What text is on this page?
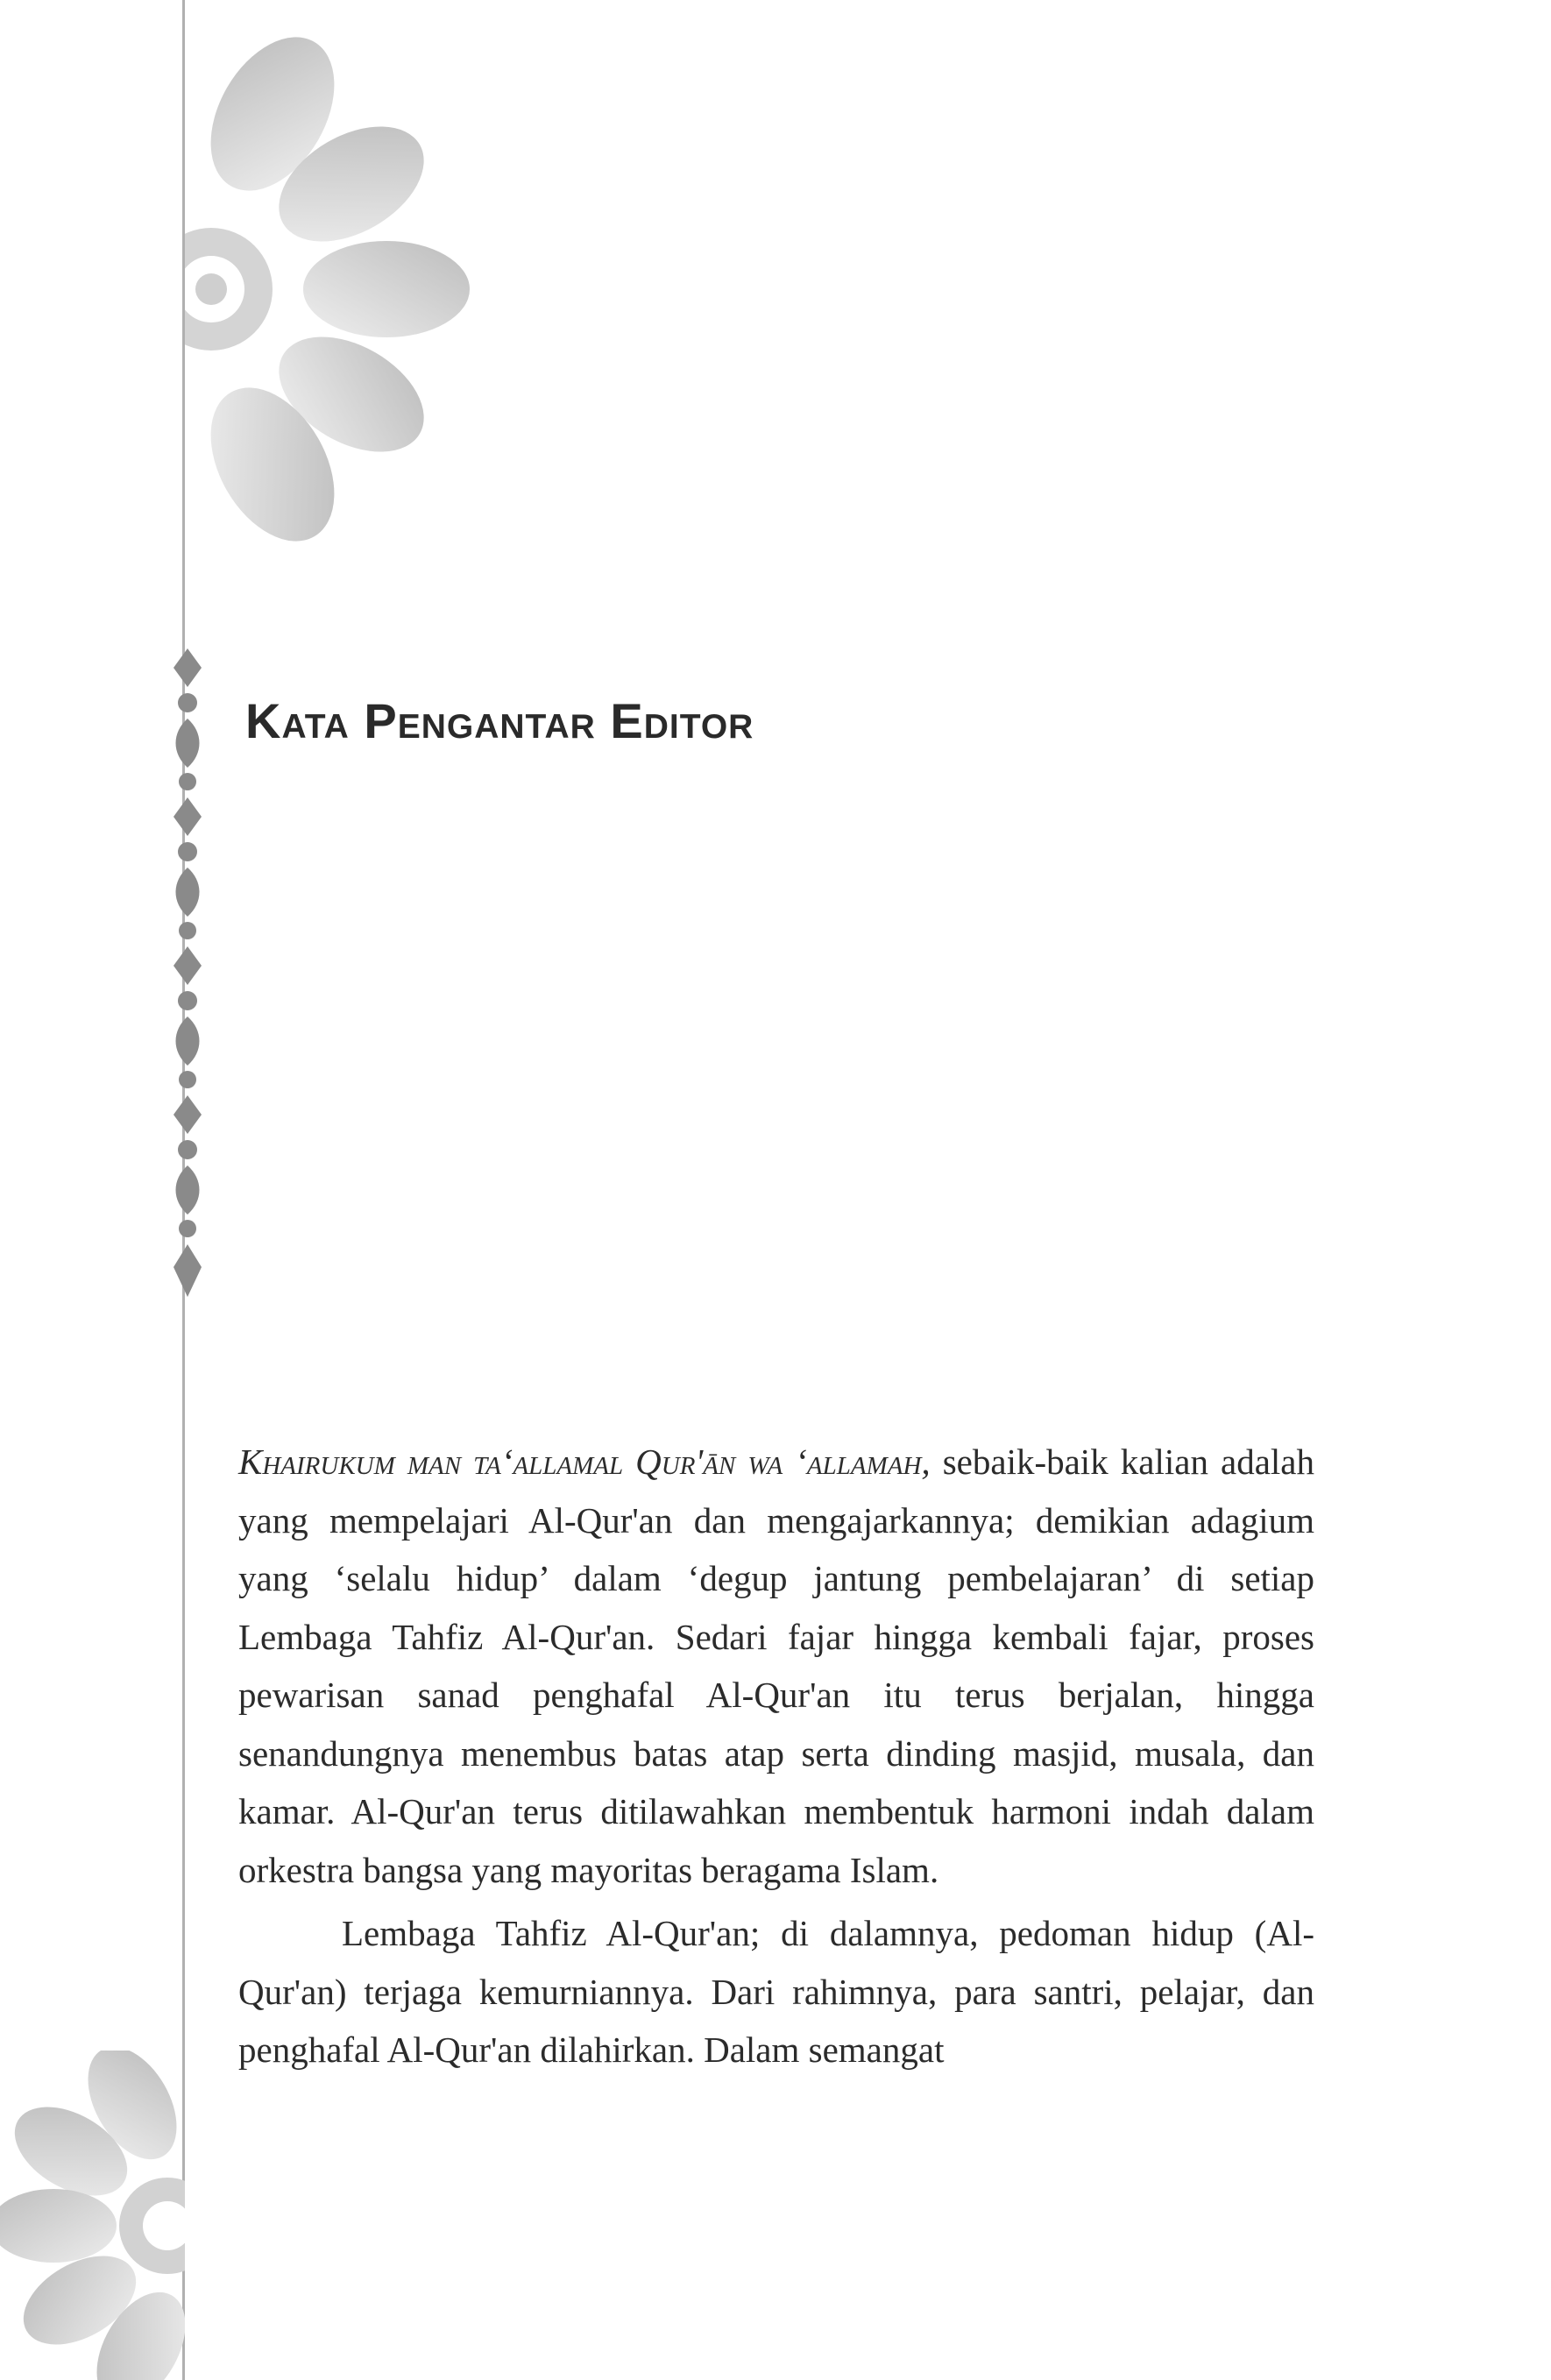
Kata Pengantar Editor

Khairukum man ta‘allamal Qur'ān wa ‘allamah, sebaik-baik kalian adalah yang mempelajari Al-Qur'an dan mengajarkannya; demikian adagium yang ‘selalu hidup’ dalam ‘degup jantung pembelajaran’ di setiap Lembaga Tahfiz Al-Qur'an. Sedari fajar hingga kembali fajar, proses pewarisan sanad penghafal Al-Qur'an itu terus berjalan, hingga senandungnya menembus batas atap serta dinding masjid, musala, dan kamar. Al-Qur'an terus ditilawahkan membentuk harmoni indah dalam orkestra bangsa yang mayoritas beragama Islam.

Lembaga Tahfiz Al-Qur'an; di dalamnya, pedoman hidup (Al-Qur'an) terjaga kemurniannya. Dari rahimnya, para santri, pelajar, dan penghafal Al-Qur'an dilahirkan. Dalam semangat
